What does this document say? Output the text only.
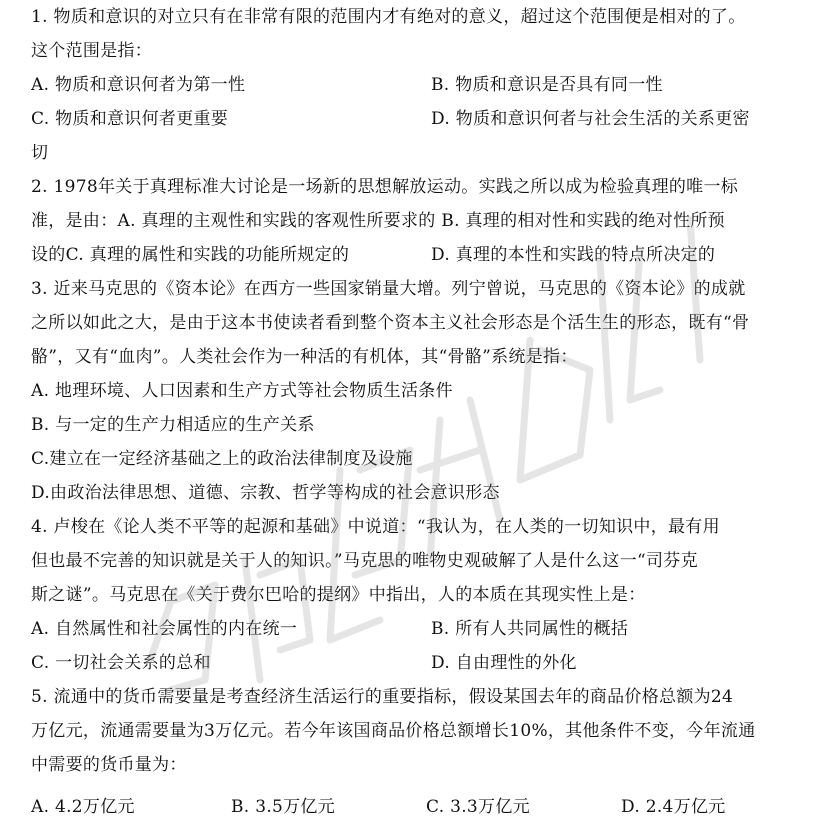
1. 物质和意识的对立只有在非常有限的范围内才有绝对的意义，超过这个范围便是相对的了。
这个范围是指：
A. 物质和意识何者为第一性	B. 物质和意识是否具有同一性
C. 物质和意识何者更重要	D. 物质和意识何者与社会生活的关系更密
切
2. 1978年关于真理标准大讨论是一场新的思想解放运动。实践之所以成为检验真理的唯一标
准，是由：A. 真理的主观性和实践的客观性所要求的 B. 真理的相对性和实践的绝对性所预
设的C. 真理的属性和实践的功能所规定的	D. 真理的本性和实践的特点所决定的
3. 近来马克思的《资本论》在西方一些国家销量大增。列宁曾说，马克思的《资本论》的成就
之所以如此之大，是由于这本书使读者看到整个资本主义社会形态是个活生生的形态，既有“骨
骼”，又有“血肉”。人类社会作为一种活的有机体，其“骨骼”系统是指：
A. 地理环境、人口因素和生产方式等社会物质生活条件
B. 与一定的生产力相适应的生产关系
C.建立在一定经济基础之上的政治法律制度及设施
D.由政治法律思想、道德、宗教、哲学等构成的社会意识形态
4. 卢梭在《论人类不平等的起源和基础》中说道：“我认为，在人类的一切知识中，最有用
但也最不完善的知识就是关于人的知识。”马克思的唯物史观破解了人是什么这一“司芬克
斯之谜”。马克思在《关于费尔巴哈的提纲》中指出，人的本质在其现实性上是：
A. 自然属性和社会属性的内在统一	B. 所有人共同属性的概括
C. 一切社会关系的总和	D. 自由理性的外化
5. 流通中的货币需要量是考查经济生活运行的重要指标，假设某国去年的商品价格总额为24
万亿元，流通需要量为3万亿元。若今年该国商品价格总额增长10%，其他条件不变，今年流通
中需要的货币量为：
A. 4.2万亿元	B. 3.5万亿元	C. 3.3万亿元	D. 2.4万亿元
